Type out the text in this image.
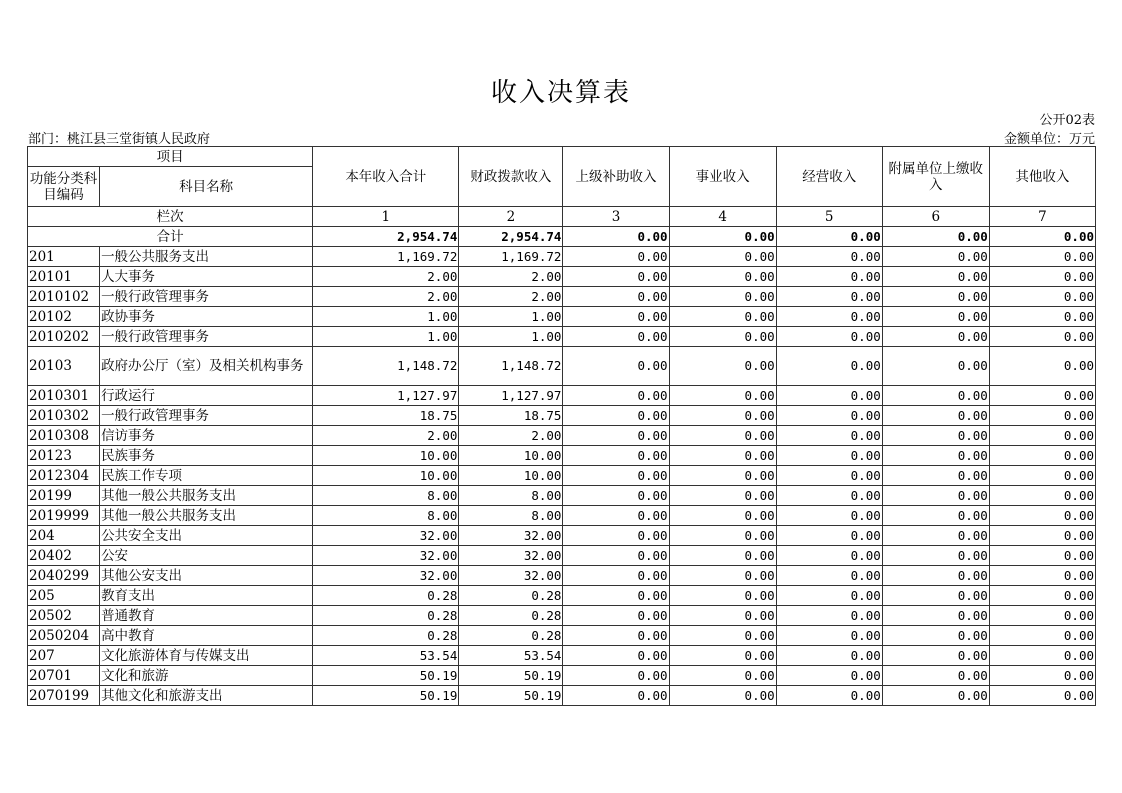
收入决算表
公开02表
部门：桃江县三堂街镇人民政府	金额单位：万元
项目		本年收入合计	财政拨款收入	上级补助收入	事业收入	经营收入	附属单位上缴收入	其他收入
功能分类科目编码	科目名称							
栏次		1	2	3	4	5	6	7
合计		2,954.74	2,954.74	0.00	0.00	0.00	0.00	0.00
201	一般公共服务支出	1,169.72	1,169.72	0.00	0.00	0.00	0.00	0.00
20101	人大事务	2.00	2.00	0.00	0.00	0.00	0.00	0.00
2010102	一般行政管理事务	2.00	2.00	0.00	0.00	0.00	0.00	0.00
20102	政协事务	1.00	1.00	0.00	0.00	0.00	0.00	0.00
2010202	一般行政管理事务	1.00	1.00	0.00	0.00	0.00	0.00	0.00
20103	政府办公厅（室）及相关机构事务	1,148.72	1,148.72	0.00	0.00	0.00	0.00	0.00
2010301	行政运行	1,127.97	1,127.97	0.00	0.00	0.00	0.00	0.00
2010302	一般行政管理事务	18.75	18.75	0.00	0.00	0.00	0.00	0.00
2010308	信访事务	2.00	2.00	0.00	0.00	0.00	0.00	0.00
20123	民族事务	10.00	10.00	0.00	0.00	0.00	0.00	0.00
2012304	民族工作专项	10.00	10.00	0.00	0.00	0.00	0.00	0.00
20199	其他一般公共服务支出	8.00	8.00	0.00	0.00	0.00	0.00	0.00
2019999	其他一般公共服务支出	8.00	8.00	0.00	0.00	0.00	0.00	0.00
204	公共安全支出	32.00	32.00	0.00	0.00	0.00	0.00	0.00
20402	公安	32.00	32.00	0.00	0.00	0.00	0.00	0.00
2040299	其他公安支出	32.00	32.00	0.00	0.00	0.00	0.00	0.00
205	教育支出	0.28	0.28	0.00	0.00	0.00	0.00	0.00
20502	普通教育	0.28	0.28	0.00	0.00	0.00	0.00	0.00
2050204	高中教育	0.28	0.28	0.00	0.00	0.00	0.00	0.00
207	文化旅游体育与传媒支出	53.54	53.54	0.00	0.00	0.00	0.00	0.00
20701	文化和旅游	50.19	50.19	0.00	0.00	0.00	0.00	0.00
2070199	其他文化和旅游支出	50.19	50.19	0.00	0.00	0.00	0.00	0.00
